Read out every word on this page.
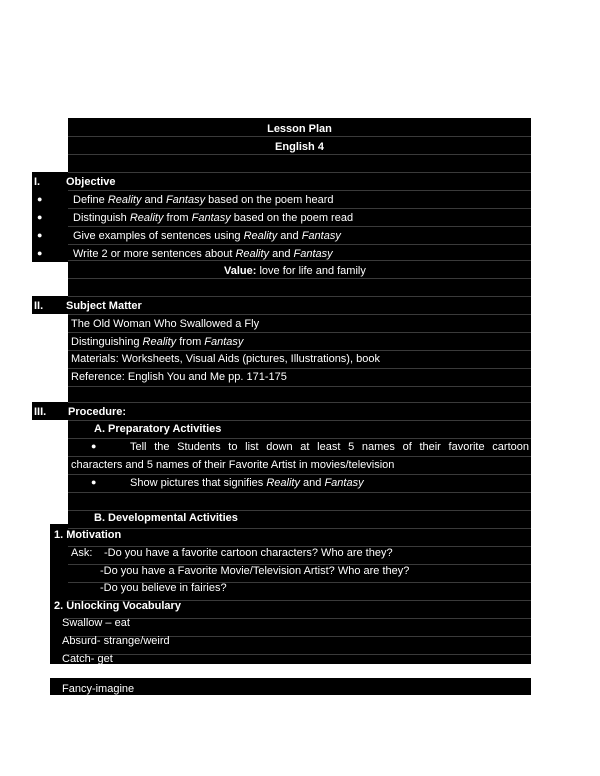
Lesson Plan
English 4
I. Objective
●	Define Reality and Fantasy based on the poem heard
●	Distinguish Reality from Fantasy based on the poem read
●	Give examples of sentences using Reality and Fantasy
●	Write 2 or more sentences about Reality and Fantasy
Value: love for life and family
II. Subject Matter
The Old Woman Who Swallowed a Fly
Distinguishing Reality from Fantasy
Materials: Worksheets, Visual Aids (pictures, Illustrations), book
Reference: English You and Me pp. 171-175
III. Procedure:
A. Preparatory Activities
●	Tell the Students to list down at least 5 names of their favorite cartoon
characters and 5 names of their Favorite Artist in movies/television
●	Show pictures that signifies Reality and Fantasy
B. Developmental Activities
1. Motivation
Ask: -Do you have a favorite cartoon characters? Who are they?
-Do you have a Favorite Movie/Television Artist? Who are they?
-Do you believe in fairies?
2. Unlocking Vocabulary
Swallow – eat
Absurd- strange/weird
Catch- get
Fancy-imagine
